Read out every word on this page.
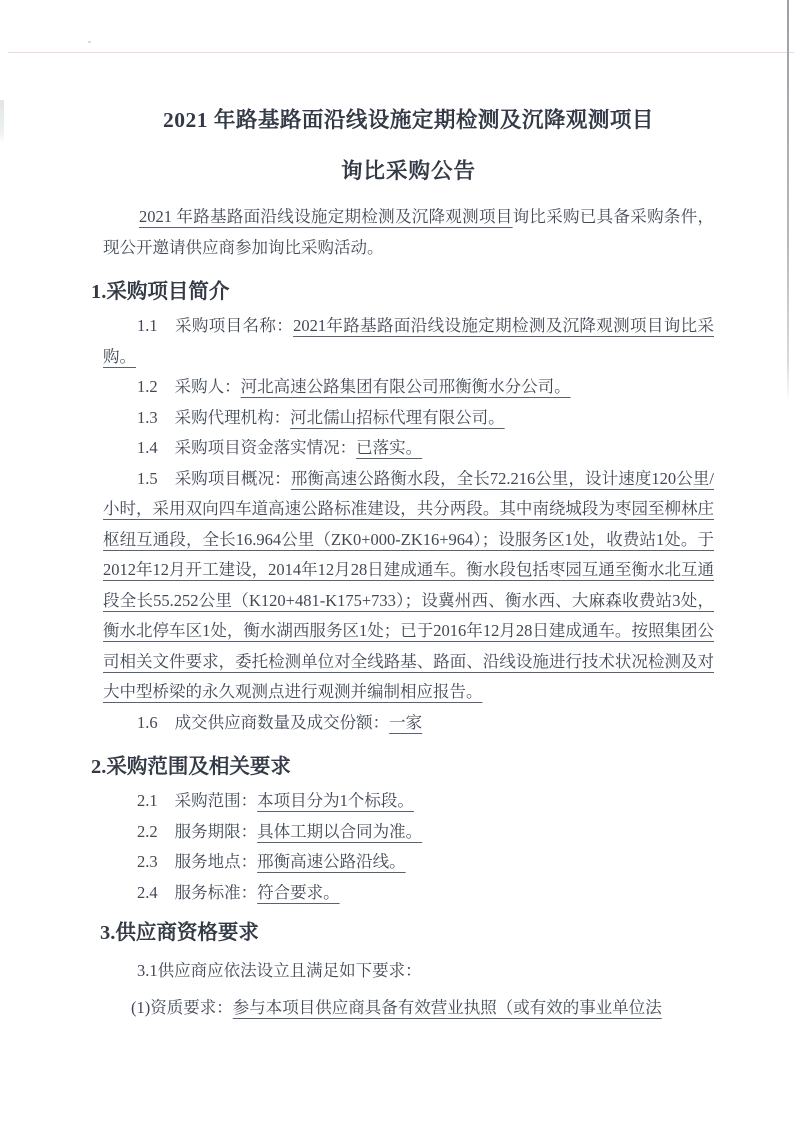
2021 年路基路面沿线设施定期检测及沉降观测项目

询比采购公告

2021 年路基路面沿线设施定期检测及沉降观测项目询比采购已具备采购条件，现公开邀请供应商参加询比采购活动。

1.采购项目简介

1.1 采购项目名称：2021年路基路面沿线设施定期检测及沉降观测项目询比采购。

1.2 采购人：河北高速公路集团有限公司邢衡衡水分公司。

1.3 采购代理机构：河北儒山招标代理有限公司。

1.4 采购项目资金落实情况：已落实。

1.5 采购项目概况：邢衡高速公路衡水段，全长72.216公里，设计速度120公里/小时，采用双向四车道高速公路标准建设，共分两段。其中南绕城段为枣园至柳林庄枢纽互通段，全长16.964公里（ZK0+000-ZK16+964）；设服务区1处，收费站1处。于2012年12月开工建设，2014年12月28日建成通车。衡水段包括枣园互通至衡水北互通段全长55.252公里（K120+481-K175+733）；设冀州西、衡水西、大麻森收费站3处，衡水北停车区1处，衡水湖西服务区1处；已于2016年12月28日建成通车。按照集团公司相关文件要求，委托检测单位对全线路基、路面、沿线设施进行技术状况检测及对大中型桥梁的永久观测点进行观测并编制相应报告。

1.6 成交供应商数量及成交份额：一家

2.采购范围及相关要求

2.1 采购范围：本项目分为1个标段。

2.2 服务期限：具体工期以合同为准。

2.3 服务地点：邢衡高速公路沿线。

2.4 服务标准：符合要求。

3.供应商资格要求

3.1供应商应依法设立且满足如下要求：

(1)资质要求：参与本项目供应商具备有效营业执照（或有效的事业单位法
